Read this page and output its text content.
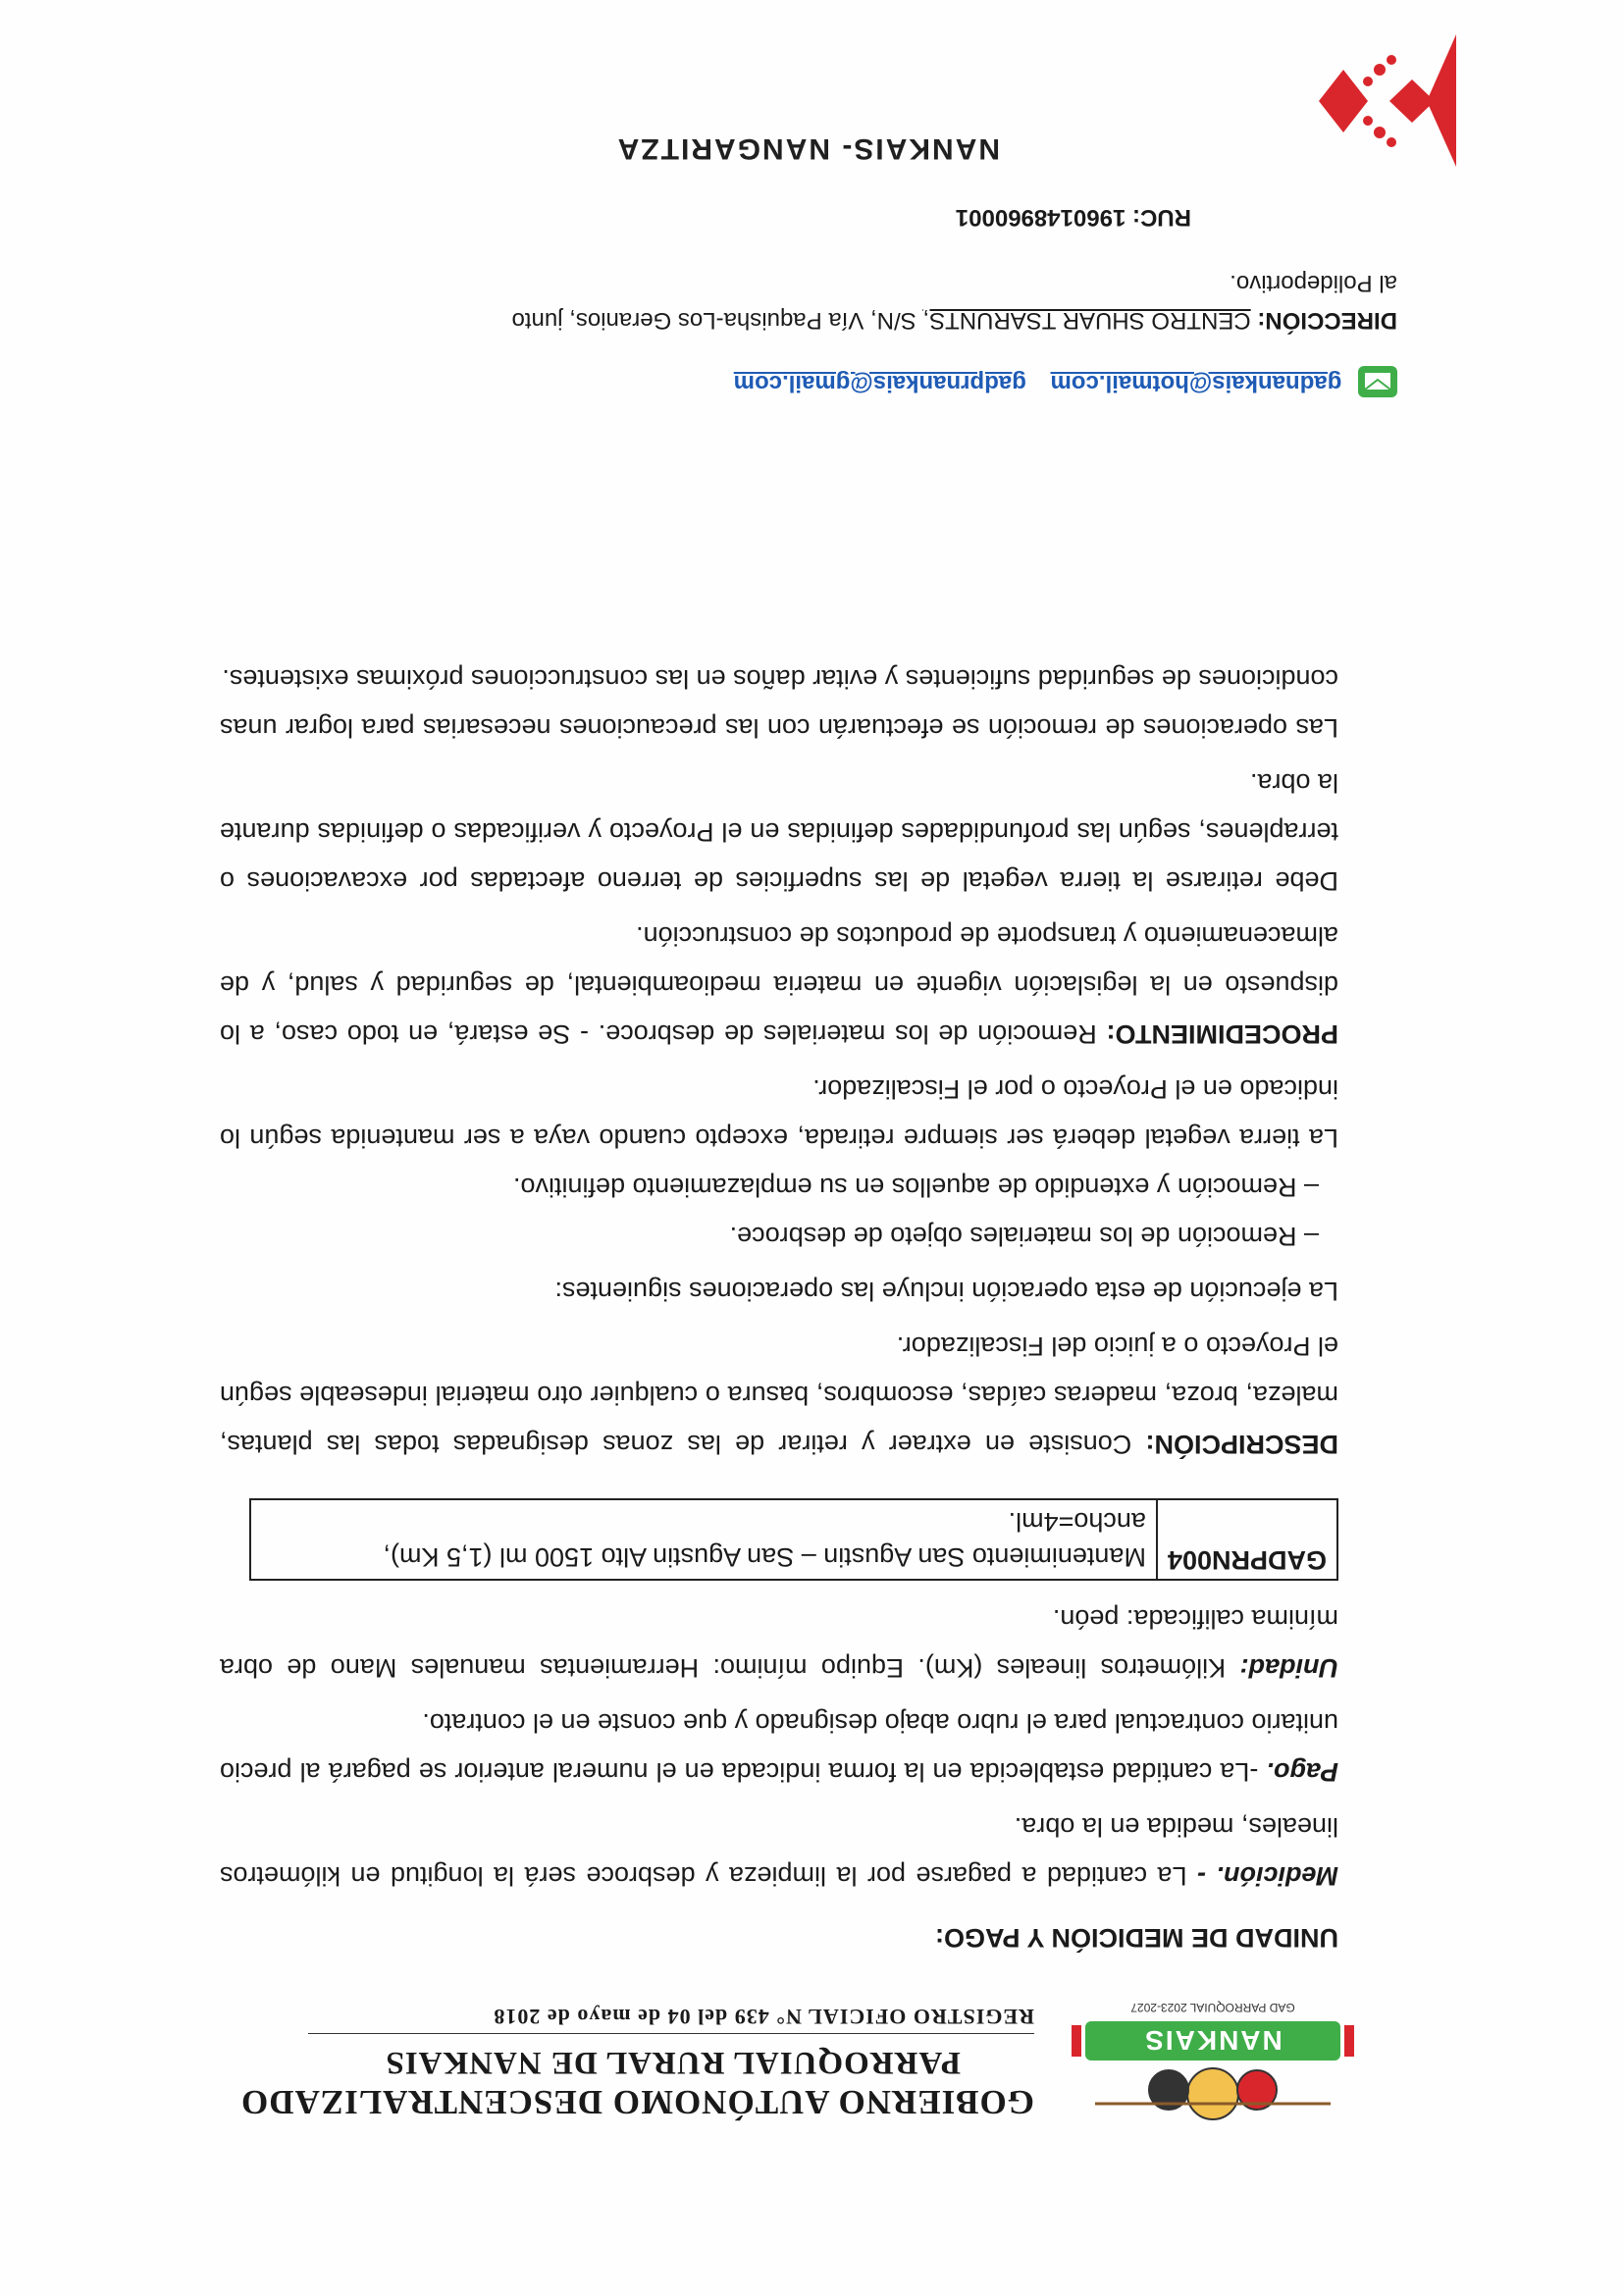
NANKAIS
GAD PARROQUIAL 2023-2027
GOBIERNO AUTÓNOMO DESCENTRALIZADO
PARROQUIAL RURAL DE NANKAIS
REGISTRO OFICIAL N° 439 del 04 de mayo de 2018
UNIDAD DE MEDICIÓN Y PAGO:

Medición. - La cantidad a pagarse por la limpieza y desbroce será la longitud en kilómetros lineales, medida en la obra.

Pago. -La cantidad establecida en la forma indicada en el numeral anterior se pagará al precio unitario contractual para el rubro abajo designado y que conste en el contrato.

Unidad: Kilómetros lineales (Km). Equipo mínimo: Herramientas manuales Mano de obra mínima calificada: peón.

GADPRN004	Mantenimiento San Agustin – San Agustin Alto 1500 ml (1,5 Km), ancho=4ml.

DESCRIPCIÓN: Consiste en extraer y retirar de las zonas designadas todas las plantas, maleza, broza, maderas caídas, escombros, basura o cualquier otro material indeseable según el Proyecto o a juicio del Fiscalizador.

La ejecución de esta operación incluye las operaciones siguientes:

– Remoción de los materiales objeto de desbroce.
– Remoción y extendido de aquellos en su emplazamiento definitivo.

La tierra vegetal deberá ser siempre retirada, excepto cuando vaya a ser mantenida según lo indicado en el Proyecto o por el Fiscalizador.

PROCEDIMIENTO: Remoción de los materiales de desbroce. - Se estará, en todo caso, a lo dispuesto en la legislación vigente en materia medioambiental, de seguridad y salud, y de almacenamiento y transporte de productos de construcción.

Debe retirarse la tierra vegetal de las superficies de terreno afectadas por excavaciones o terraplenes, según las profundidades definidas en el Proyecto y verificadas o definidas durante la obra.

Las operaciones de remoción se efectuarán con las precauciones necesarias para lograr unas condiciones de seguridad suficientes y evitar daños en las construcciones próximas existentes.

gadnankais@hotmail.com gadprnankais@gmail.com
DIRECCIÓN: CENTRO SHUAR TSARUNTS, S/N, Vía Paquisha-Los Geranios, junto al Polideportivo.
RUC: 1960148960001
NANKAIS- NANGARITZA
